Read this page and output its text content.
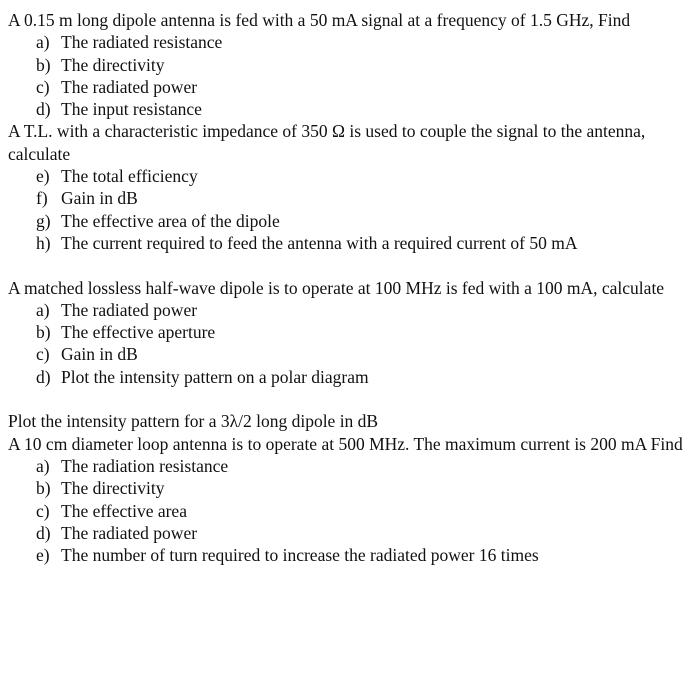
A 0.15 m long dipole antenna is fed with a 50 mA signal at a frequency of 1.5 GHz, Find

a) The radiated resistance
b) The directivity
c) The radiated power
d) The input resistance

A T.L. with a characteristic impedance of 350 Ω is used to couple the signal to the antenna, calculate

e) The total efficiency
f) Gain in dB
g) The effective area of the dipole
h) The current required to feed the antenna with a required current of 50 mA

A matched lossless half-wave dipole is to operate at 100 MHz is fed with a 100 mA, calculate

a) The radiated power
b) The effective aperture
c) Gain in dB
d) Plot the intensity pattern on a polar diagram

Plot the intensity pattern for a 3λ/2 long dipole in dB

A 10 cm diameter loop antenna is to operate at 500 MHz. The maximum current is 200 mA Find

a) The radiation resistance
b) The directivity
c) The effective area
d) The radiated power
e) The number of turn required to increase the radiated power 16 times
